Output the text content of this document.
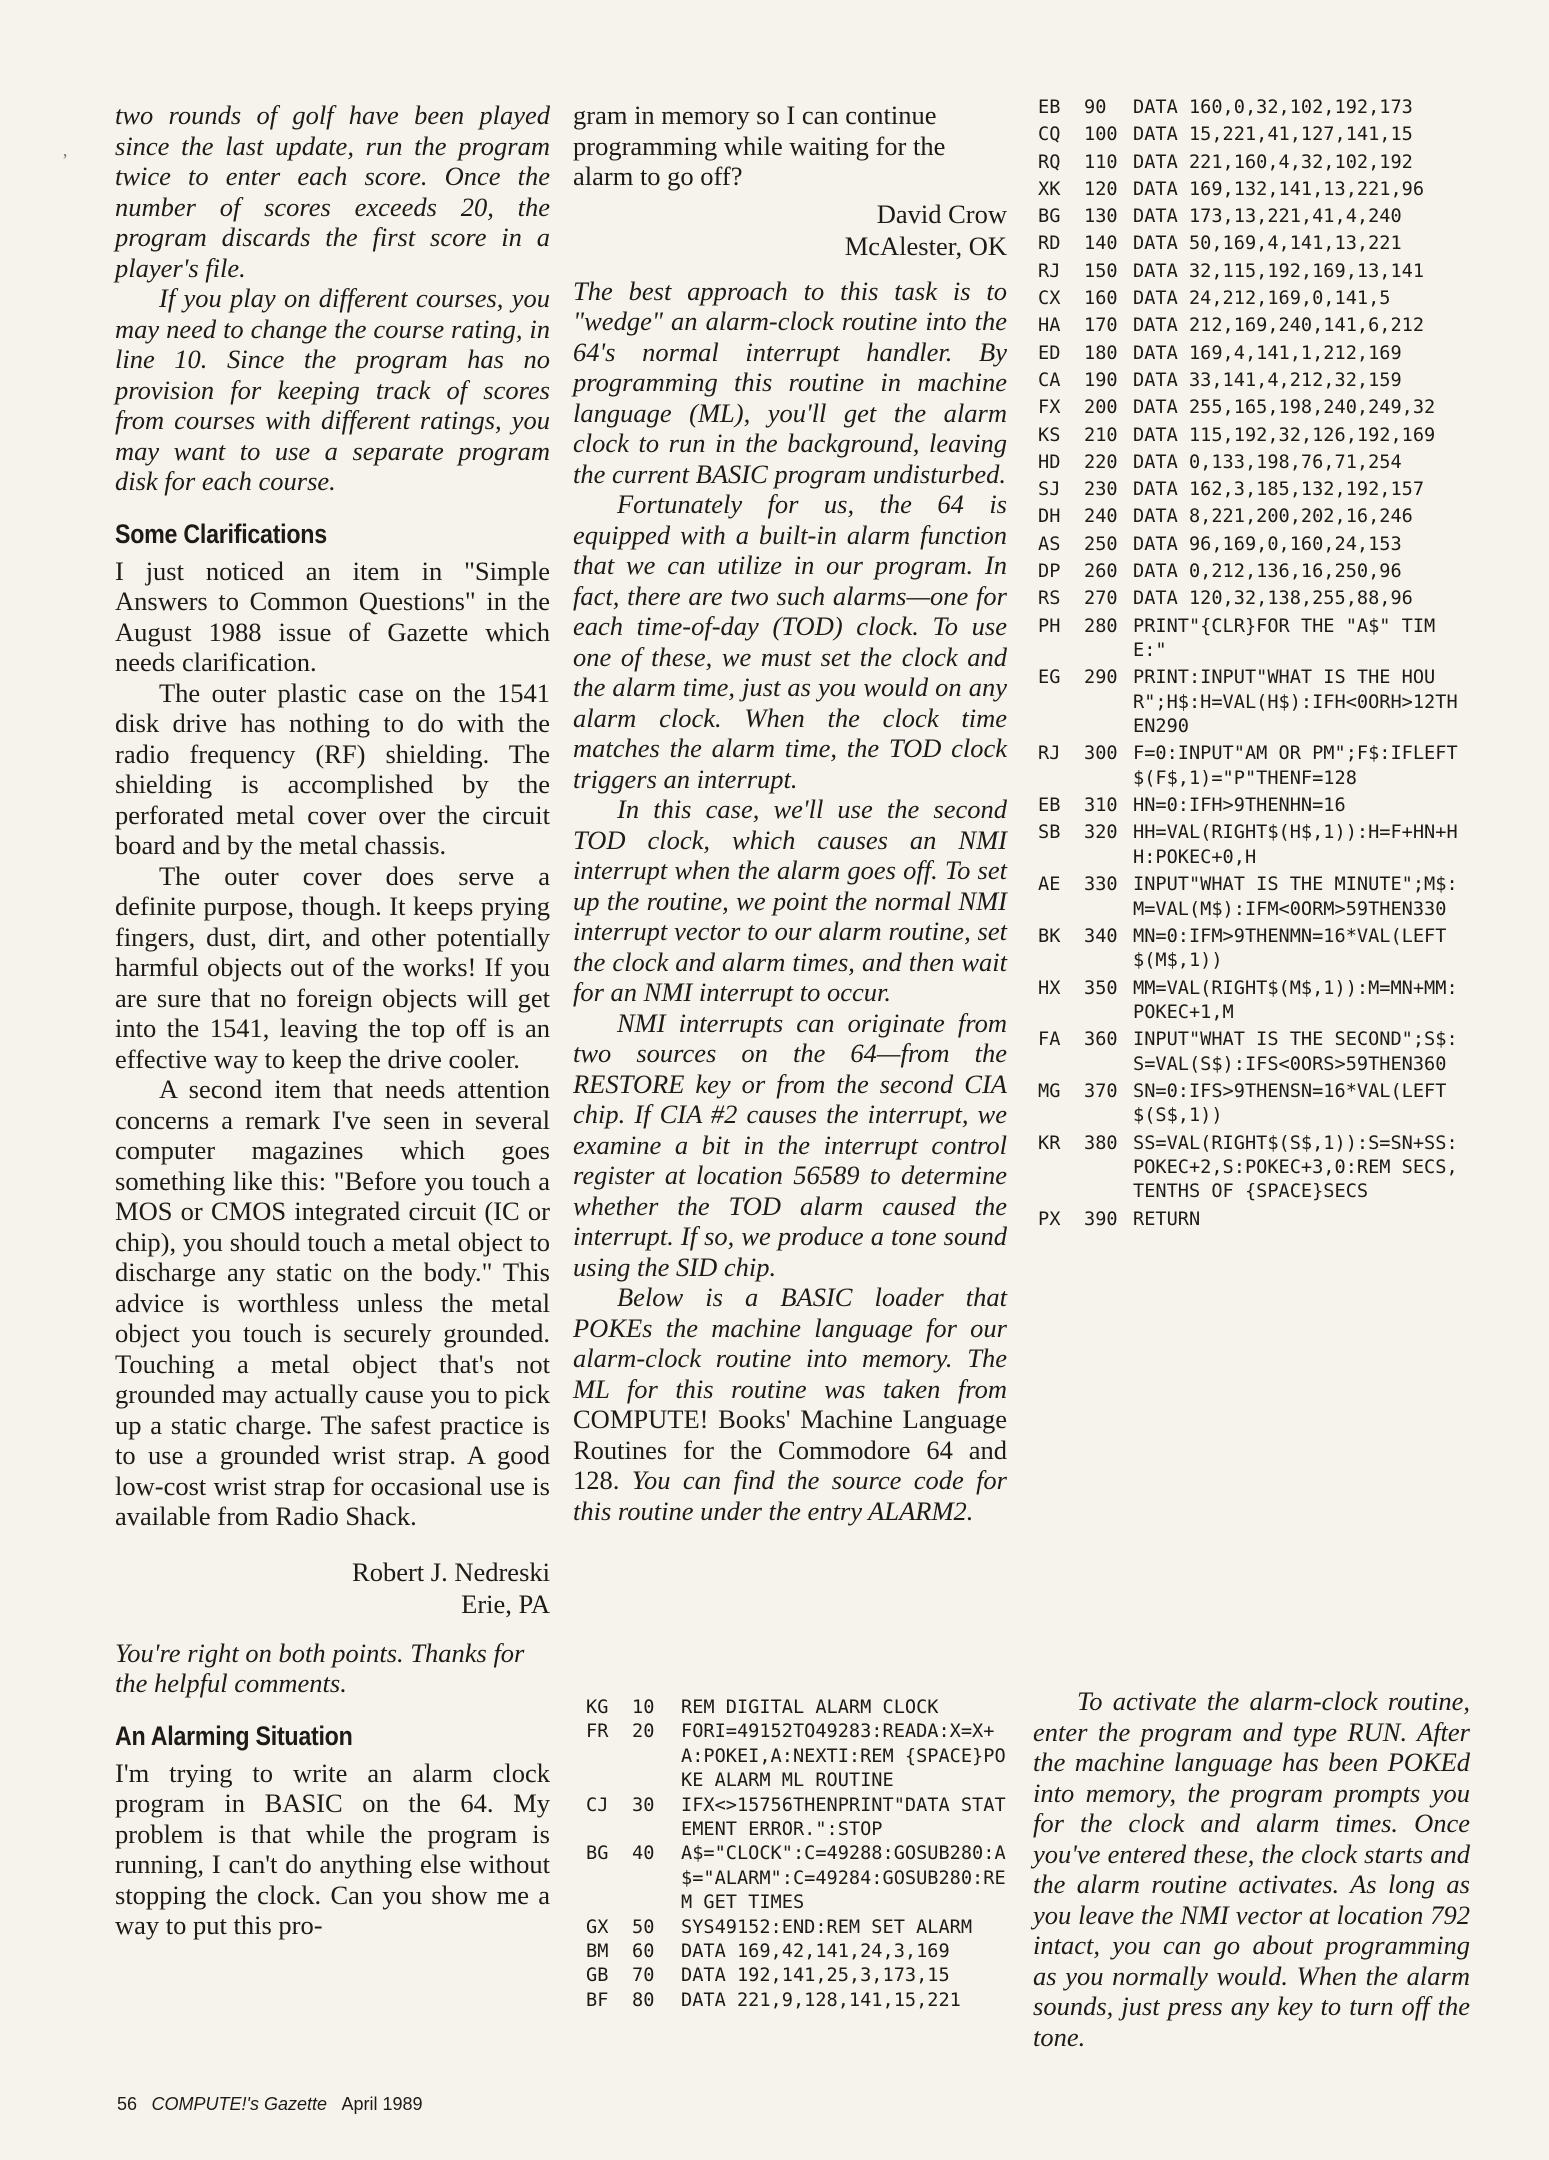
’

two rounds of golf have been played since the last update, run the program twice to enter each score. Once the number of scores exceeds 20, the program discards the first score in a player's file.

If you play on different courses, you may need to change the course rating, in line 10. Since the program has no provision for keeping track of scores from courses with different ratings, you may want to use a separate program disk for each course.

Some Clarifications

I just noticed an item in "Simple Answers to Common Questions" in the August 1988 issue of Gazette which needs clarification.

The outer plastic case on the 1541 disk drive has nothing to do with the radio frequency (RF) shielding. The shielding is accomplished by the perforated metal cover over the circuit board and by the metal chassis.

The outer cover does serve a definite purpose, though. It keeps prying fingers, dust, dirt, and other potentially harmful objects out of the works! If you are sure that no foreign objects will get into the 1541, leaving the top off is an effective way to keep the drive cooler.

A second item that needs attention concerns a remark I've seen in several computer magazines which goes something like this: "Before you touch a MOS or CMOS integrated circuit (IC or chip), you should touch a metal object to discharge any static on the body." This advice is worthless unless the metal object you touch is securely grounded. Touching a metal object that's not grounded may actually cause you to pick up a static charge. The safest practice is to use a grounded wrist strap. A good low-cost wrist strap for occasional use is available from Radio Shack.

Robert J. Nedreski
Erie, PA

You're right on both points. Thanks for the helpful comments.

An Alarming Situation

I'm trying to write an alarm clock program in BASIC on the 64. My problem is that while the program is running, I can't do anything else without stopping the clock. Can you show me a way to put this pro-

gram in memory so I can continue programming while waiting for the alarm to go off?

David Crow
McAlester, OK

The best approach to this task is to "wedge" an alarm-clock routine into the 64's normal interrupt handler. By programming this routine in machine language (ML), you'll get the alarm clock to run in the background, leaving the current BASIC program undisturbed.

Fortunately for us, the 64 is equipped with a built-in alarm function that we can utilize in our program. In fact, there are two such alarms—one for each time-of-day (TOD) clock. To use one of these, we must set the clock and the alarm time, just as you would on any alarm clock. When the clock time matches the alarm time, the TOD clock triggers an interrupt.

In this case, we'll use the second TOD clock, which causes an NMI interrupt when the alarm goes off. To set up the routine, we point the normal NMI interrupt vector to our alarm routine, set the clock and alarm times, and then wait for an NMI interrupt to occur.

NMI interrupts can originate from two sources on the 64—from the RESTORE key or from the second CIA chip. If CIA #2 causes the interrupt, we examine a bit in the interrupt control register at location 56589 to determine whether the TOD alarm caused the interrupt. If so, we produce a tone sound using the SID chip.

Below is a BASIC loader that POKEs the machine language for our alarm-clock routine into memory. The ML for this routine was taken from COMPUTE! Books' Machine Language Routines for the Commodore 64 and 128. You can find the source code for this routine under the entry ALARM2.

KG	10	REM DIGITAL ALARM CLOCK
FR	20	FORI=49152TO49283:READA:X=X+A:POKEI,A:NEXTI:REM {SPACE}POKE ALARM ML ROUTINE
CJ	30	IFX<>15756THENPRINT"DATA STATEMENT ERROR.":STOP
BG	40	A$="CLOCK":C=49288:GOSUB280:A$="ALARM":C=49284:GOSUB280:REM GET TIMES
GX	50	SYS49152:END:REM SET ALARM
BM	60	DATA 169,42,141,24,3,169
GB	70	DATA 192,141,25,3,173,15
BF	80	DATA 221,9,128,141,15,221
EB	90	DATA 160,0,32,102,192,173
CQ	100 DATA 15,221,41,127,141,15
RQ	110 DATA 221,160,4,32,102,192
XK	120 DATA 169,132,141,13,221,96
BG	130 DATA 173,13,221,41,4,240
RD	140 DATA 50,169,4,141,13,221
RJ	150 DATA 32,115,192,169,13,141
CX	160 DATA 24,212,169,0,141,5
HA	170 DATA 212,169,240,141,6,212
ED	180 DATA 169,4,141,1,212,169
CA	190 DATA 33,141,4,212,32,159
FX	200 DATA 255,165,198,240,249,32
KS	210 DATA 115,192,32,126,192,169
HD	220 DATA 0,133,198,76,71,254
SJ	230 DATA 162,3,185,132,192,157
DH	240 DATA 8,221,200,202,16,246
AS	250 DATA 96,169,0,160,24,153
DP	260 DATA 0,212,136,16,250,96
RS	270 DATA 120,32,138,255,88,96
PH	280 PRINT"{CLR}FOR THE "A$" TIME:"
EG	290 PRINT:INPUT"WHAT IS THE HOUR";H$:H=VAL(H$):IFH<0ORH>12THEN290
RJ	300 F=0:INPUT"AM OR PM";F$:IFLEFT$(F$,1)="P"THENF=128
EB	310 HN=0:IFH>9THENHN=16
SB	320 HH=VAL(RIGHT$(H$,1)):H=F+HN+HH:POKEC+0,H
AE	330 INPUT"WHAT IS THE MINUTE";M$:M=VAL(M$):IFM<0ORM>59THEN330
BK	340 MN=0:IFM>9THENMN=16*VAL(LEFT$(M$,1))
HX	350 MM=VAL(RIGHT$(M$,1)):M=MN+MM:POKEC+1,M
FA	360 INPUT"WHAT IS THE SECOND";S$:S=VAL(S$):IFS<0ORS>59THEN360
MG	370 SN=0:IFS>9THENSN=16*VAL(LEFT$(S$,1))
KR	380 SS=VAL(RIGHT$(S$,1)):S=SN+SS:POKEC+2,S:POKEC+3,0:REM SECS, TENTHS OF {SPACE}SECS
PX	390 RETURN

To activate the alarm-clock routine, enter the program and type RUN. After the machine language has been POKEd into memory, the program prompts you for the clock and alarm times. Once you've entered these, the clock starts and the alarm routine activates. As long as you leave the NMI vector at location 792 intact, you can go about programming as you normally would. When the alarm sounds, just press any key to turn off the tone.

56 COMPUTE!'s Gazette April 1989
